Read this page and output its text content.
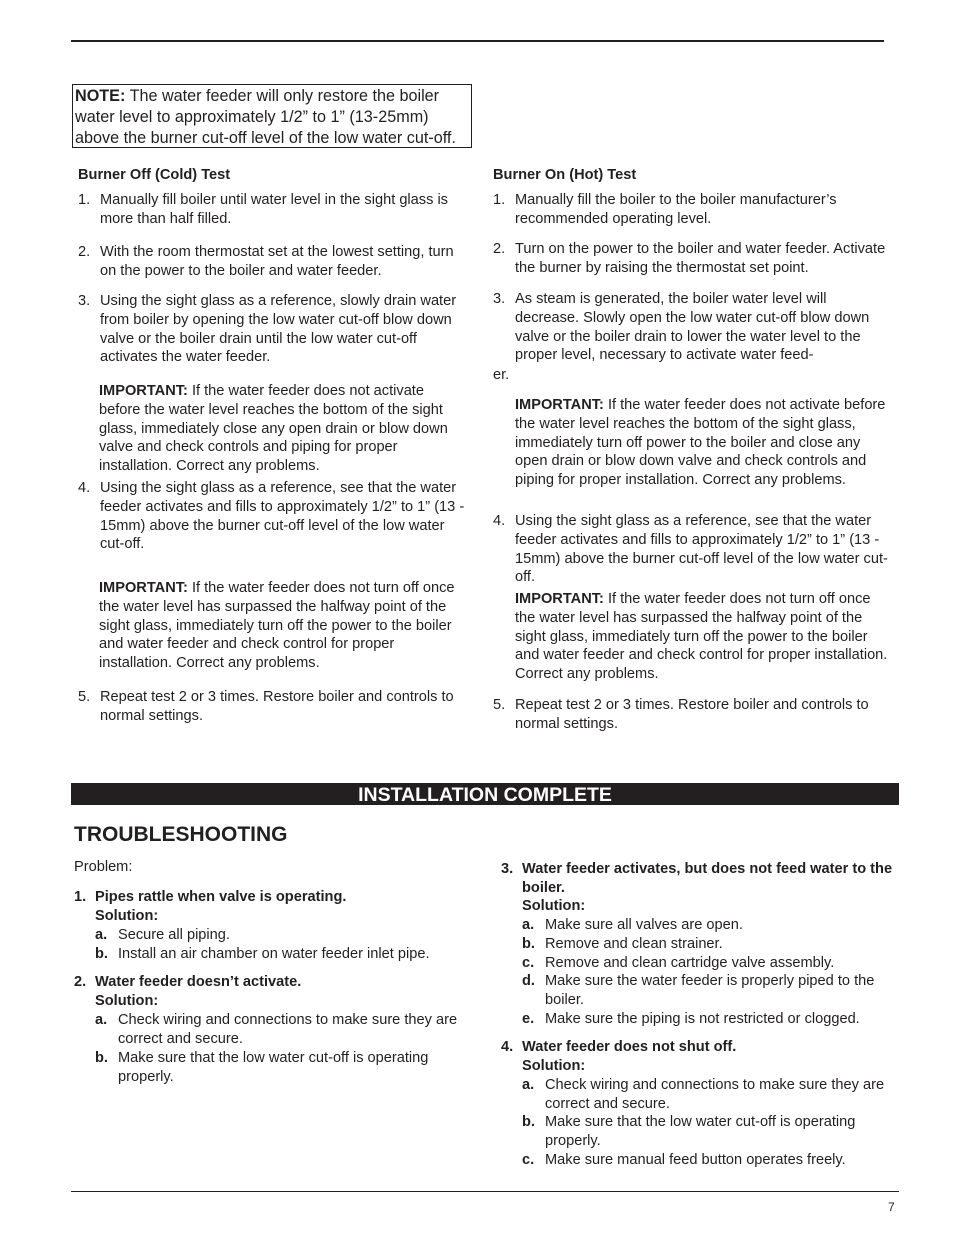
NOTE: The water feeder will only restore the boiler water level to approximately 1/2” to 1” (13-25mm) above the burner cut-off level of the low water cut-off.
Burner Off (Cold) Test
1. Manually fill boiler until water level in the sight glass is more than half filled.
2. With the room thermostat set at the lowest setting, turn on the power to the boiler and water feeder.
3. Using the sight glass as a reference, slowly drain water from boiler by opening the low water cut-off blow down valve or the boiler drain until the low water cut-off activates the water feeder.
IMPORTANT: If the water feeder does not activate before the water level reaches the bottom of the sight glass, immediately close any open drain or blow down valve and check controls and piping for proper installation. Correct any problems.
4. Using the sight glass as a reference, see that the water feeder activates and fills to approximately 1/2” to 1” (13 - 15mm) above the burner cut-off level of the low water cut-off.
IMPORTANT: If the water feeder does not turn off once the water level has surpassed the halfway point of the sight glass, immediately turn off the power to the boiler and water feeder and check control for proper installation. Correct any problems.
5. Repeat test 2 or 3 times. Restore boiler and controls to normal settings.
Burner On (Hot) Test
1. Manually fill the boiler to the boiler manufacturer’s recommended operating level.
2. Turn on the power to the boiler and water feeder. Activate the burner by raising the thermostat set point.
3. As steam is generated, the boiler water level will decrease. Slowly open the low water cut-off blow down valve or the boiler drain to lower the water level to the proper level, necessary to activate water feed-
er.
IMPORTANT: If the water feeder does not activate before the water level reaches the bottom of the sight glass, immediately turn off power to the boiler and close any open drain or blow down valve and check controls and piping for proper installation. Correct any problems.
4. Using the sight glass as a reference, see that the water feeder activates and fills to approximately 1/2” to 1” (13 - 15mm) above the burner cut-off level of the low water cut-off.
IMPORTANT: If the water feeder does not turn off once the water level has surpassed the halfway point of the sight glass, immediately turn off the power to the boiler and water feeder and check control for proper installation. Correct any problems.
5. Repeat test 2 or 3 times. Restore boiler and controls to normal settings.
INSTALLATION COMPLETE
TROUBLESHOOTING
Problem:
1. Pipes rattle when valve is operating.
Solution:
a. Secure all piping.
b. Install an air chamber on water feeder inlet pipe.
2. Water feeder doesn’t activate.
Solution:
a. Check wiring and connections to make sure they are correct and secure.
b. Make sure that the low water cut-off is operating properly.
3. Water feeder activates, but does not feed water to the boiler.
Solution:
a. Make sure all valves are open.
b. Remove and clean strainer.
c. Remove and clean cartridge valve assembly.
d. Make sure the water feeder is properly piped to the boiler.
e. Make sure the piping is not restricted or clogged.
4. Water feeder does not shut off.
Solution:
a. Check wiring and connections to make sure they are correct and secure.
b. Make sure that the low water cut-off is operating properly.
c. Make sure manual feed button operates freely.
7
